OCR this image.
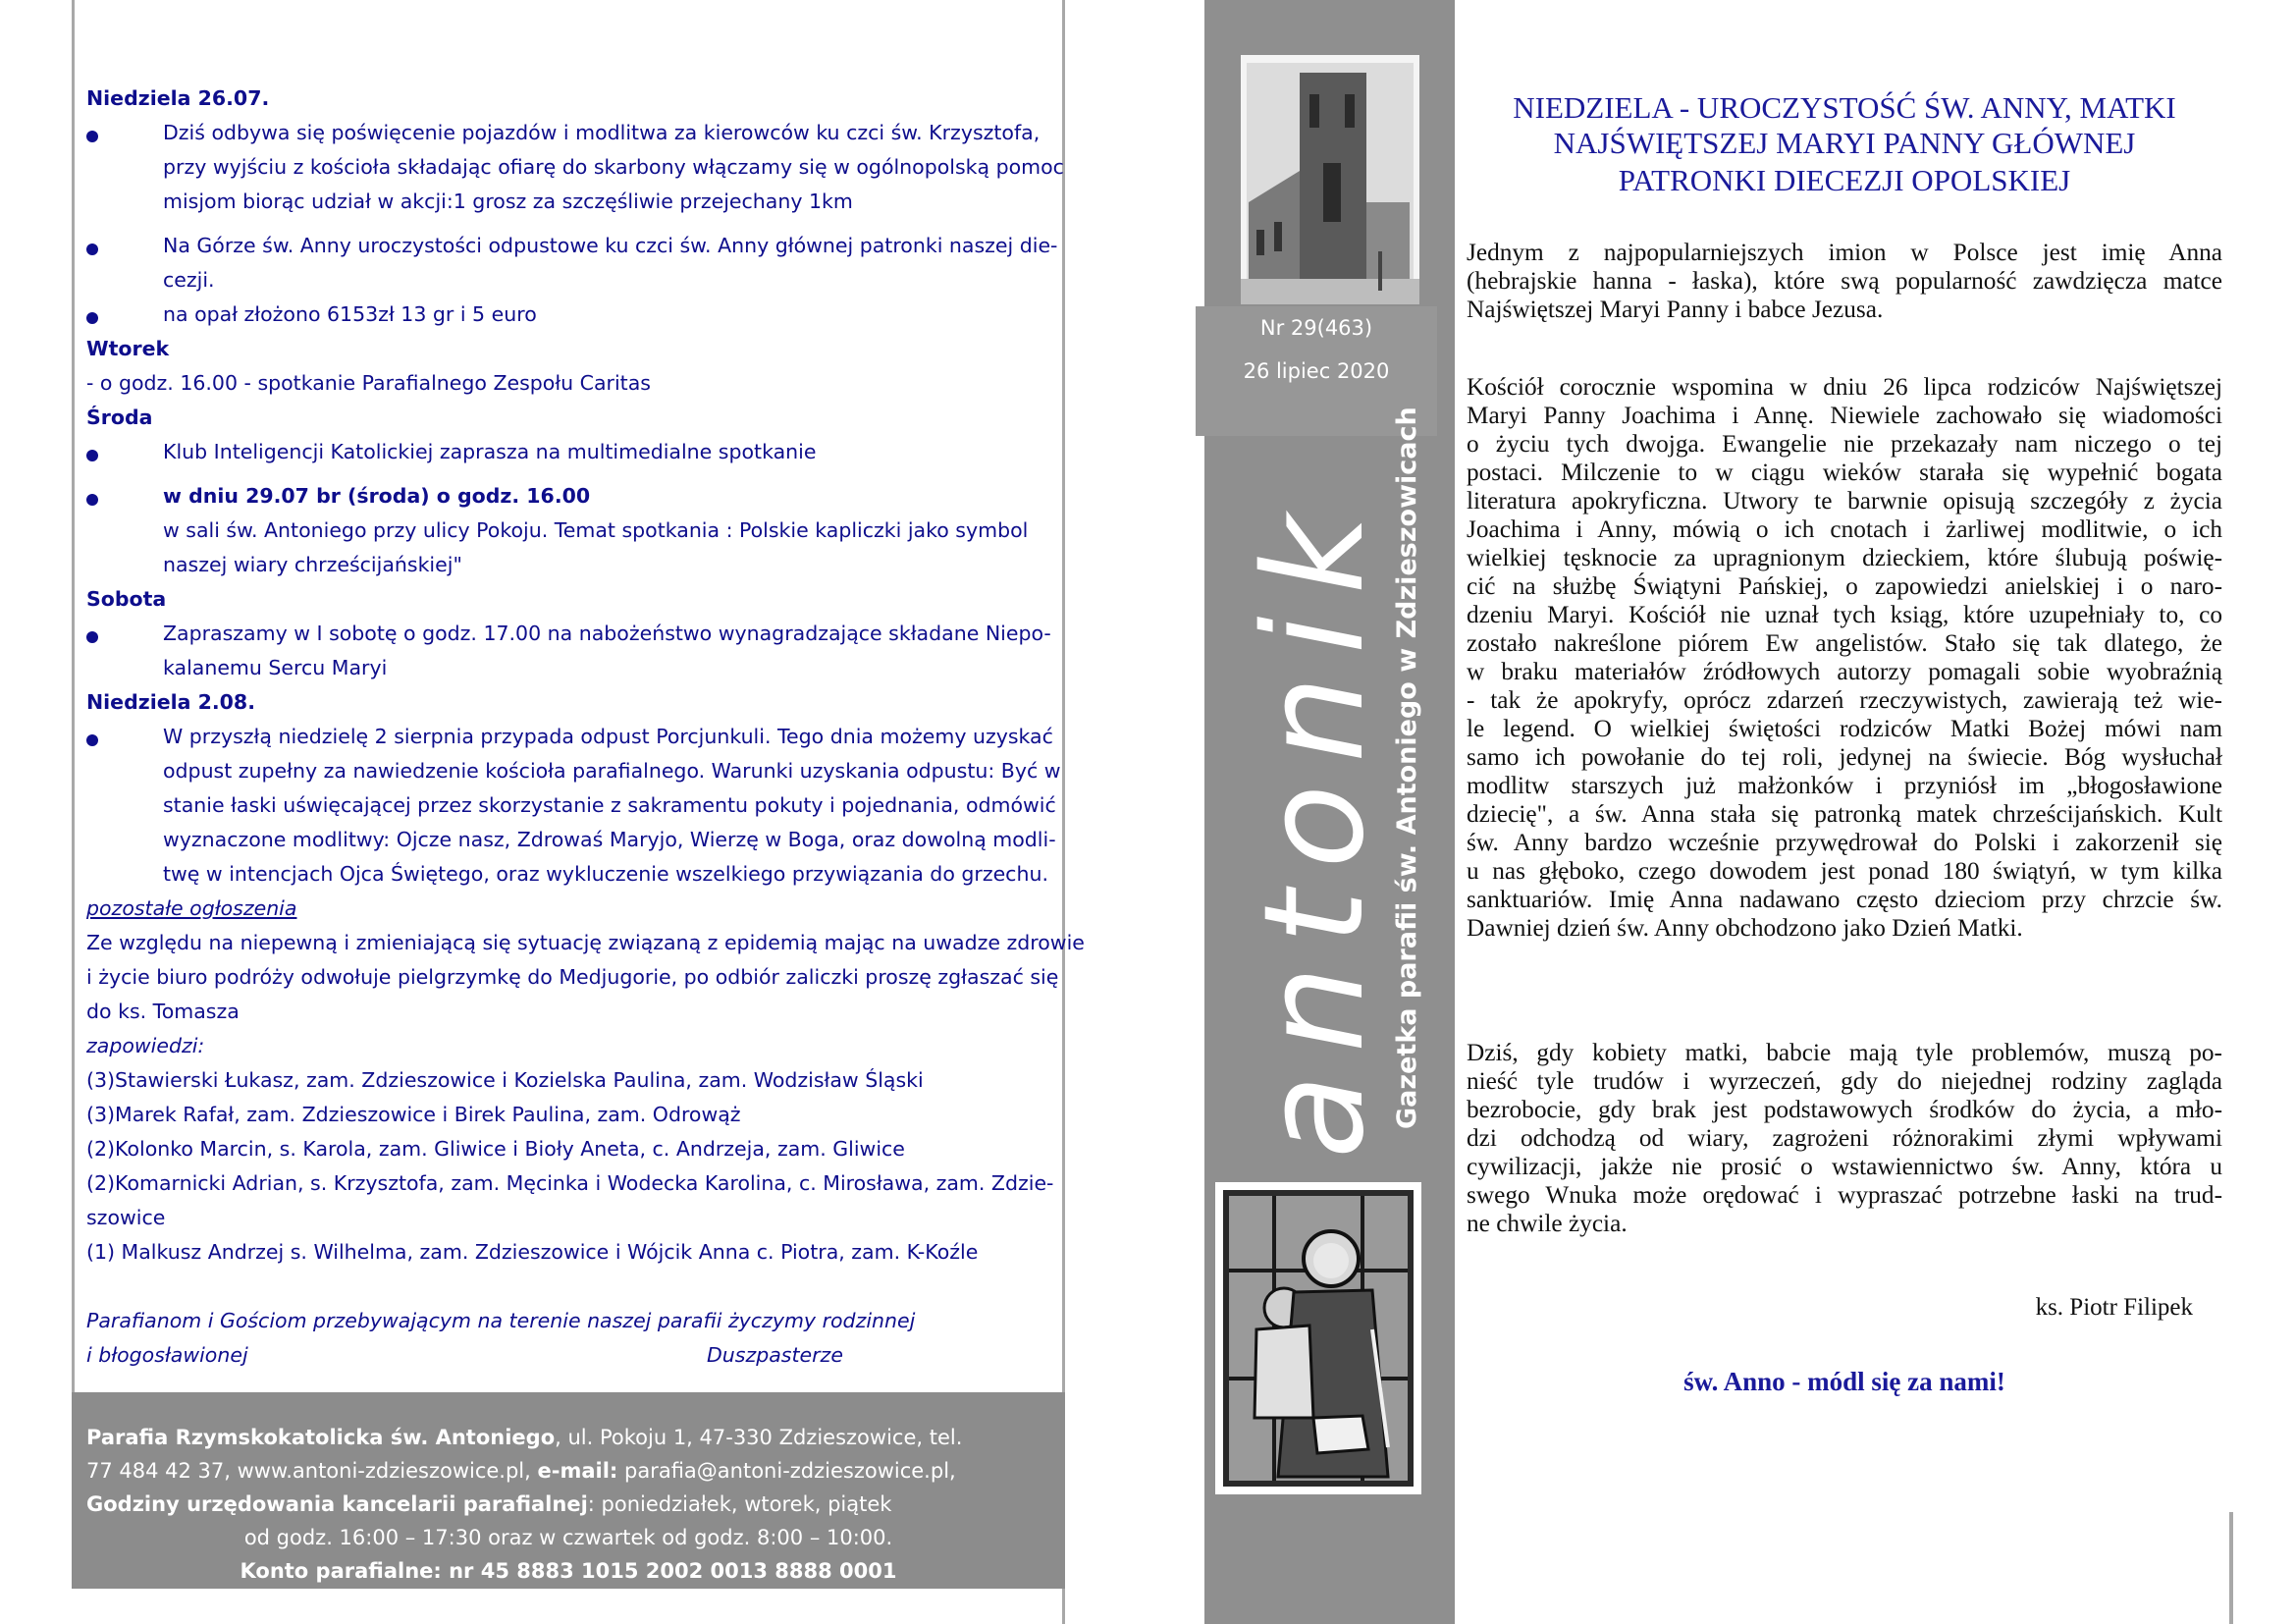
Niedziela 26.07.
Dziś odbywa się poświęcenie pojazdów i modlitwa za kierowców ku czci św. Krzysztofa,
przy wyjściu z kościoła składając ofiarę do skarbony włączamy się w ogólnopolską pomoc
misjom biorąc udział w akcji:1 grosz za szczęśliwie przejechany 1km
Na Górze św. Anny uroczystości odpustowe ku czci św. Anny głównej patronki naszej die-
cezji.
na opał złożono 6153zł 13 gr i 5 euro
Wtorek
- o godz. 16.00 - spotkanie Parafialnego Zespołu Caritas
Środa
Klub Inteligencji Katolickiej zaprasza na multimedialne spotkanie
w dniu 29.07 br (środa) o godz. 16.00
w sali św. Antoniego przy ulicy Pokoju. Temat spotkania : Polskie kapliczki jako symbol
naszej wiary chrześcijańskiej"
Sobota
Zapraszamy w I sobotę o godz. 17.00 na nabożeństwo wynagradzające składane Niepo-
kalanemu Sercu Maryi
Niedziela 2.08.
W przyszłą niedzielę 2 sierpnia przypada odpust Porcjunkuli. Tego dnia możemy uzyskać
odpust zupełny za nawiedzenie kościoła parafialnego. Warunki uzyskania odpustu: Być w
stanie łaski uświęcającej przez skorzystanie z sakramentu pokuty i pojednania, odmówić
wyznaczone modlitwy: Ojcze nasz, Zdrowaś Maryjo, Wierzę w Boga, oraz dowolną modli-
twę w intencjach Ojca Świętego, oraz wykluczenie wszelkiego przywiązania do grzechu.
pozostałe ogłoszenia
Ze względu na niepewną i zmieniającą się sytuację związaną z epidemią mając na uwadze zdrowie
i życie biuro podróży odwołuje pielgrzymkę do Medjugorie, po odbiór zaliczki proszę zgłaszać się
do ks. Tomasza
zapowiedzi:
(3)Stawierski Łukasz, zam. Zdzieszowice i Kozielska Paulina, zam. Wodzisław Śląski
(3)Marek Rafał, zam. Zdzieszowice i Birek Paulina, zam. Odrowąż
(2)Kolonko Marcin, s. Karola, zam. Gliwice i Bioły Aneta, c. Andrzeja, zam. Gliwice
(2)Komarnicki Adrian, s. Krzysztofa, zam. Męcinka i Wodecka Karolina, c. Mirosława, zam. Zdzie-
szowice
(1) Malkusz Andrzej s. Wilhelma, zam. Zdzieszowice i Wójcik Anna c. Piotra, zam. K-Koźle
Parafianom i Gościom przebywającym na terenie naszej parafii życzymy rodzinnej
i błogosławionej	Duszpasterze
Parafia Rzymskokatolicka św. Antoniego, ul. Pokoju 1, 47-330 Zdzieszowice, tel.
77 484 42 37, www.antoni-zdzieszowice.pl, e-mail: parafia@antoni-zdzieszowice.pl,
Godziny urzędowania kancelarii parafialnej: poniedziałek, wtorek, piątek
od godz. 16:00 – 17:30 oraz w czwartek od godz. 8:00 – 10:00.
Konto parafialne: nr 45 8883 1015 2002 0013 8888 0001
Nr 29(463)
26 lipiec 2020
antonik
Gazetka parafii św. Antoniego w Zdzieszowicach
NIEDZIELA - UROCZYSTOŚĆ ŚW. ANNY, MATKI
NAJŚWIĘTSZEJ MARYI PANNY GŁÓWNEJ
PATRONKI DIECEZJI OPOLSKIEJ
Jednym z najpopularniejszych imion w Polsce jest imię Anna
(hebrajskie hanna - łaska), które swą popularność zawdzięcza matce
Najświętszej Maryi Panny i babce Jezusa.
Kościół corocznie wspomina w dniu 26 lipca rodziców Najświętszej
Maryi Panny Joachima i Annę. Niewiele zachowało się wiadomości
o życiu tych dwojga. Ewangelie nie przekazały nam niczego o tej
postaci. Milczenie to w ciągu wieków starała się wypełnić bogata
literatura apokryficzna. Utwory te barwnie opisują szczegóły z życia
Joachima i Anny, mówią o ich cnotach i żarliwej modlitwie, o ich
wielkiej tęsknocie za upragnionym dzieckiem, które ślubują poświę-
cić na służbę Świątyni Pańskiej, o zapowiedzi anielskiej i o naro-
dzeniu Maryi. Kościół nie uznał tych ksiąg, które uzupełniały to, co
zostało nakreślone piórem Ew angelistów. Stało się tak dlatego, że
w braku materiałów źródłowych autorzy pomagali sobie wyobraźnią
- tak że apokryfy, oprócz zdarzeń rzeczywistych, zawierają też wie-
le legend. O wielkiej świętości rodziców Matki Bożej mówi nam
samo ich powołanie do tej roli, jedynej na świecie. Bóg wysłuchał
modlitw starszych już małżonków i przyniósł im „błogosławione
dziecię", a św. Anna stała się patronką matek chrześcijańskich. Kult
św. Anny bardzo wcześnie przywędrował do Polski i zakorzenił się
u nas głęboko, czego dowodem jest ponad 180 świątyń, w tym kilka
sanktuariów. Imię Anna nadawano często dzieciom przy chrzcie św.
Dawniej dzień św. Anny obchodzono jako Dzień Matki.
Dziś, gdy kobiety matki, babcie mają tyle problemów, muszą po-
nieść tyle trudów i wyrzeczeń, gdy do niejednej rodziny zagląda
bezrobocie, gdy brak jest podstawowych środków do życia, a mło-
dzi odchodzą od wiary, zagrożeni różnorakimi złymi wpływami
cywilizacji, jakże nie prosić o wstawiennictwo św. Anny, która u
swego Wnuka może orędować i wypraszać potrzebne łaski na trud-
ne chwile życia.
ks. Piotr Filipek
św. Anno - módl się za nami!
